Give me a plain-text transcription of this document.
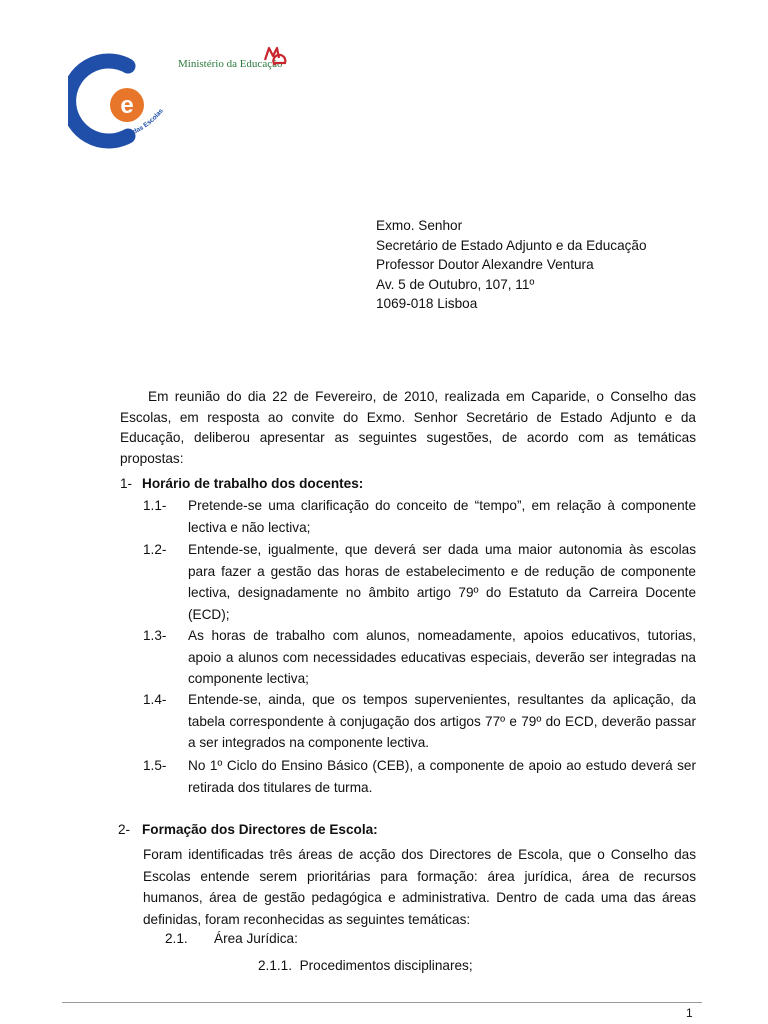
e
Conselho das Escolas
Ministério da Educação
Exmo. Senhor
Secretário de Estado Adjunto e da Educação
Professor Doutor Alexandre Ventura
Av. 5 de Outubro, 107, 11º
1069-018 Lisboa
Em reunião do dia 22 de Fevereiro, de 2010, realizada em Caparide, o Conselho das Escolas, em resposta ao convite do Exmo. Senhor Secretário de Estado Adjunto e da Educação, deliberou apresentar as seguintes sugestões, de acordo com as temáticas propostas:
1- Horário de trabalho dos docentes:
1.1- Pretende-se uma clarificação do conceito de “tempo”, em relação à componente lectiva e não lectiva;
1.2- Entende-se, igualmente, que deverá ser dada uma maior autonomia às escolas para fazer a gestão das horas de estabelecimento e de redução de componente lectiva, designadamente no âmbito artigo 79º do Estatuto da Carreira Docente (ECD);
1.3- As horas de trabalho com alunos, nomeadamente, apoios educativos, tutorias, apoio a alunos com necessidades educativas especiais, deverão ser integradas na componente lectiva;
1.4- Entende-se, ainda, que os tempos supervenientes, resultantes da aplicação, da tabela correspondente à conjugação dos artigos 77º e 79º do ECD, deverão passar a ser integrados na componente lectiva.
1.5- No 1º Ciclo do Ensino Básico (CEB), a componente de apoio ao estudo deverá ser retirada dos titulares de turma.
2- Formação dos Directores de Escola:
Foram identificadas três áreas de acção dos Directores de Escola, que o Conselho das Escolas entende serem prioritárias para formação: área jurídica, área de recursos humanos, área de gestão pedagógica e administrativa. Dentro de cada uma das áreas definidas, foram reconhecidas as seguintes temáticas:
2.1. Área Jurídica:
2.1.1. Procedimentos disciplinares;
1
